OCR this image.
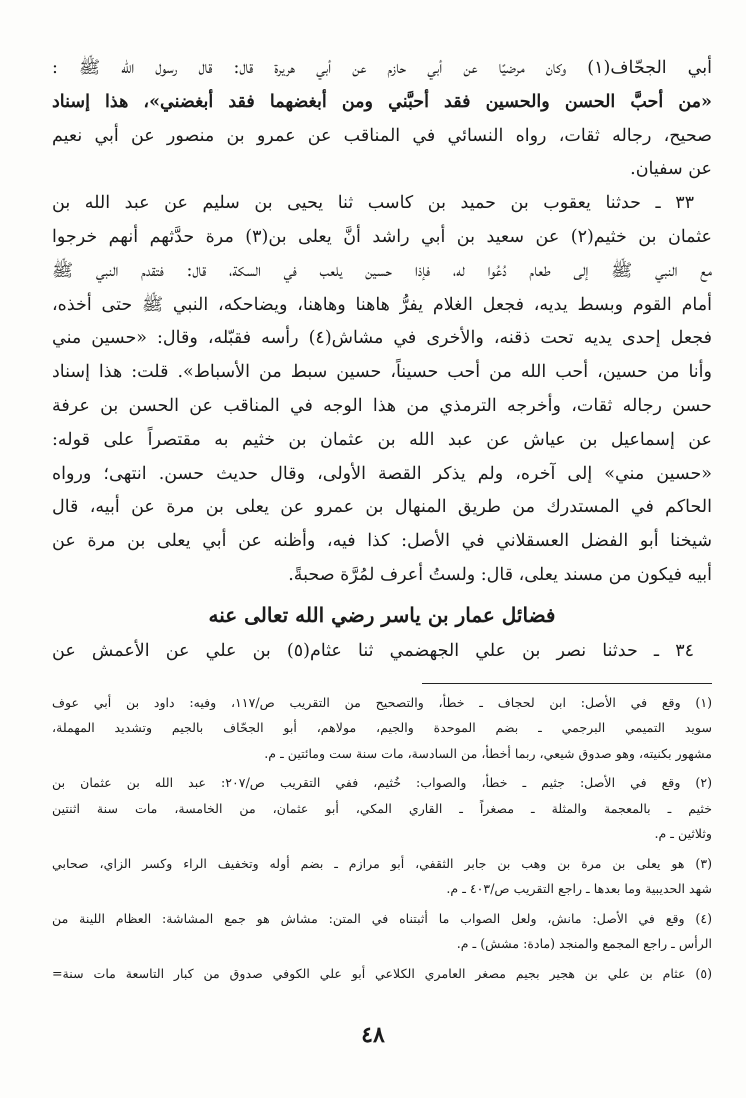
أبي الجحّاف(١) وكان مرضيًا عن أبي حازم عن أبي هريرة قال: قال رسول الله ﷺ :
«من أحبَّ الحسن والحسين فقد أحبَّني ومن أبغضهما فقد أبغضني»، هذا إسناد
صحيح، رجاله ثقات، رواه النسائي في المناقب عن عمرو بن منصور عن أبي نعيم
عن سفيان.

٣٣ ـ حدثنا يعقوب بن حميد بن كاسب ثنا يحيى بن سليم عن عبد الله بن
عثمان بن خثيم(٢) عن سعيد بن أبي راشد أنَّ يعلى بن(٣) مرة حدَّثهم أنهم خرجوا
مع النبي ﷺ إلى طعام دُعُوا له، فإذا حسين يلعب في السكة، قال: فتقدم النبي ﷺ
أمام القوم وبسط يديه، فجعل الغلام يفرُّ هاهنا وهاهنا، ويضاحكه، النبي ﷺ حتى أخذه،
فجعل إحدى يديه تحت ذقنه، والأخرى في مشاش(٤) رأسه فقبّله، وقال: «حسين مني
وأنا من حسين، أحب الله من أحب حسيناً، حسين سبط من الأسباط». قلت: هذا إسناد
حسن رجاله ثقات، وأخرجه الترمذي من هذا الوجه في المناقب عن الحسن بن عرفة
عن إسماعيل بن عياش عن عبد الله بن عثمان بن خثيم به مقتصراً على قوله:
«حسين مني» إلى آخره، ولم يذكر القصة الأولى، وقال حديث حسن. انتهى؛ ورواه
الحاكم في المستدرك من طريق المنهال بن عمرو عن يعلى بن مرة عن أبيه، قال
شيخنا أبو الفضل العسقلاني في الأصل: كذا فيه، وأظنه عن أبي يعلى بن مرة عن
أبيه فيكون من مسند يعلى، قال: ولستُ أعرف لمُرَّة صحبةً.

فضائل عمار بن ياسر رضي الله تعالى عنه

٣٤ ـ حدثنا نصر بن علي الجهضمي ثنا عثام(٥) بن علي عن الأعمش عن

(١) وقع في الأصل: ابن لحجاف ـ خطأ، والتصحيح من التقريب ص/١١٧، وفيه: داود بن أبي عوف
سويد التميمي البرجمي ـ بضم الموحدة والجيم، مولاهم، أبو الجحّاف بالجيم وتشديد المهملة،
مشهور بكنيته، وهو صدوق شيعي، ربما أخطأ، من السادسة، مات سنة ست ومائتين ـ م.
(٢) وقع في الأصل: جثيم ـ خطأ، والصواب: خُثيم، ففي التقريب ص/٢٠٧: عبد الله بن عثمان بن
خثيم ـ بالمعجمة والمثلة ـ مصغراً ـ القاري المكي، أبو عثمان، من الخامسة، مات سنة اثنتين
وثلاثين ـ م.
(٣) هو يعلى بن مرة بن وهب بن جابر الثقفي، أبو مرازم ـ بضم أوله وتخفيف الراء وكسر الزاي، صحابي
شهد الحديبية وما بعدها ـ راجع التقريب ص/٤٠٣ ـ م.
(٤) وقع في الأصل: مانش، ولعل الصواب ما أثبتناه في المتن: مشاش هو جمع المشاشة: العظام اللينة من
الرأس ـ راجع المجمع والمنجد (مادة: مشش) ـ م.
(٥) عثام بن علي بن هجير بجيم مصغر العامري الكلاعي أبو علي الكوفي صدوق من كبار التاسعة مات سنة=
٤٨
